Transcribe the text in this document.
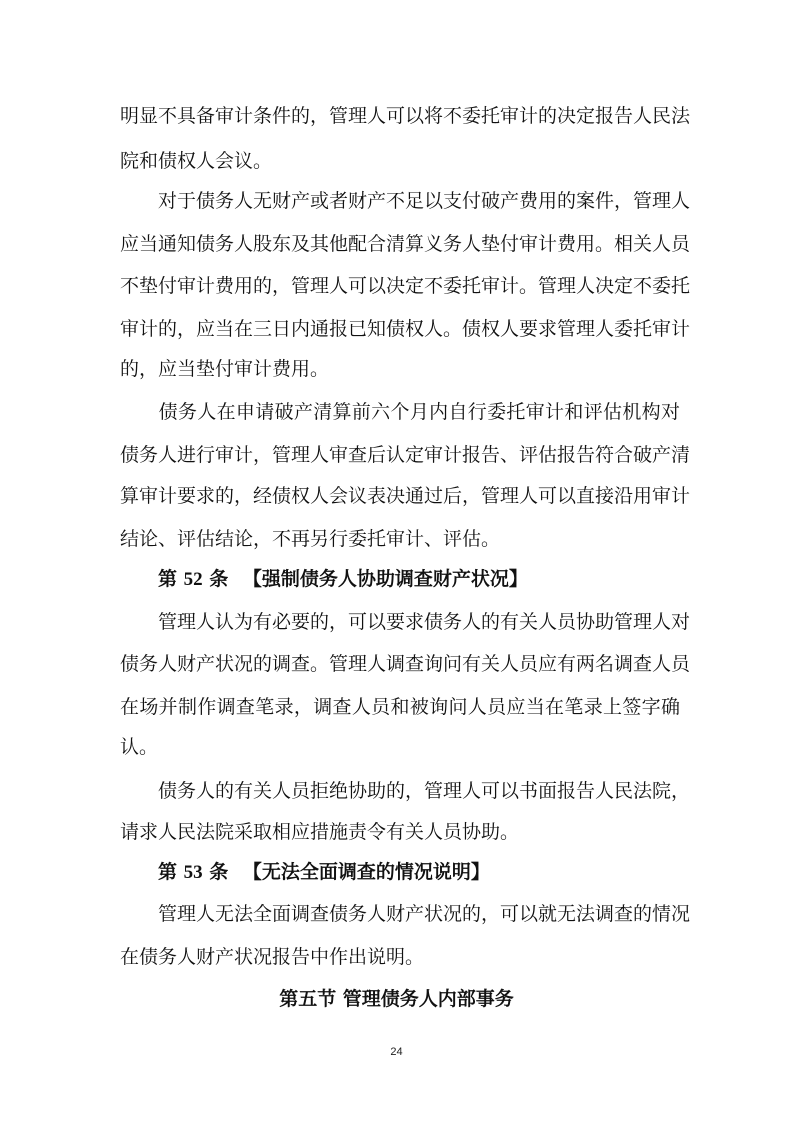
明显不具备审计条件的，管理人可以将不委托审计的决定报告人民法
院和债权人会议。
　　对于债务人无财产或者财产不足以支付破产费用的案件，管理人
应当通知债务人股东及其他配合清算义务人垫付审计费用。相关人员
不垫付审计费用的，管理人可以决定不委托审计。管理人决定不委托
审计的，应当在三日内通报已知债权人。债权人要求管理人委托审计
的，应当垫付审计费用。
　　债务人在申请破产清算前六个月内自行委托审计和评估机构对
债务人进行审计，管理人审查后认定审计报告、评估报告符合破产清
算审计要求的，经债权人会议表决通过后，管理人可以直接沿用审计
结论、评估结论，不再另行委托审计、评估。
第 52 条 【强制债务人协助调查财产状况】
　　管理人认为有必要的，可以要求债务人的有关人员协助管理人对
债务人财产状况的调查。管理人调查询问有关人员应有两名调查人员
在场并制作调查笔录，调查人员和被询问人员应当在笔录上签字确
认。
　　债务人的有关人员拒绝协助的，管理人可以书面报告人民法院，
请求人民法院采取相应措施责令有关人员协助。
第 53 条 【无法全面调查的情况说明】
　　管理人无法全面调查债务人财产状况的，可以就无法调查的情况
在债务人财产状况报告中作出说明。
第五节 管理债务人内部事务
24
